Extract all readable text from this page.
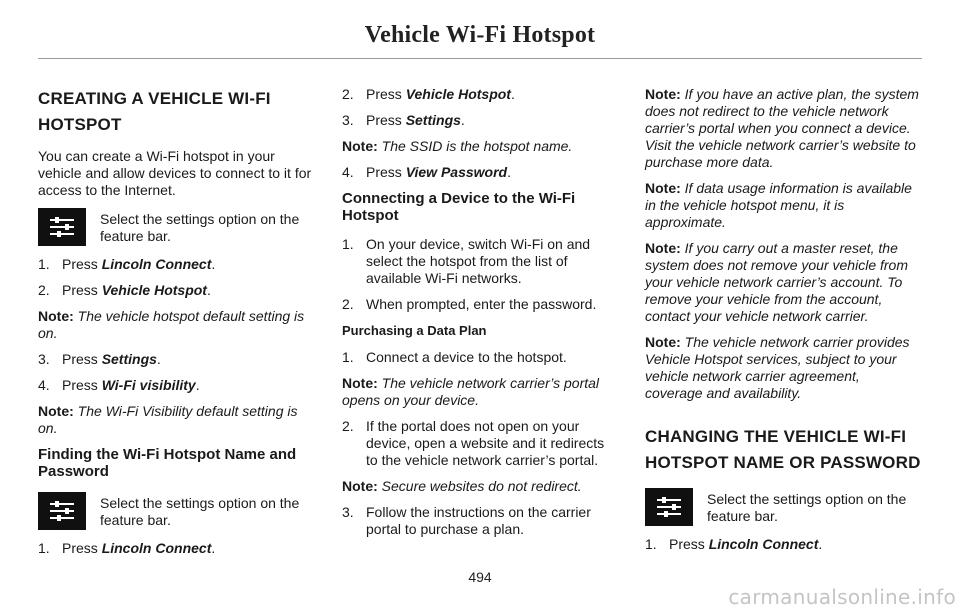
Vehicle Wi-Fi Hotspot
CREATING A VEHICLE WI-FI
HOTSPOT

You can create a Wi-Fi hotspot in your vehicle and allow devices to connect to it for access to the Internet.

Select the settings option on the feature bar.
1. Press Lincoln Connect.
2. Press Vehicle Hotspot.

Note: The vehicle hotspot default setting is on.

3. Press Settings.
4. Press Wi-Fi visibility.

Note: The Wi-Fi Visibility default setting is on.

Finding the Wi-Fi Hotspot Name and Password
Select the settings option on the feature bar.
1. Press Lincoln Connect.
2. Press Vehicle Hotspot.
3. Press Settings.

Note: The SSID is the hotspot name.

4. Press View Password.
Connecting a Device to the Wi-Fi Hotspot
1. On your device, switch Wi-Fi on and select the hotspot from the list of available Wi-Fi networks.
2. When prompted, enter the password.
Purchasing a Data Plan
1. Connect a device to the hotspot.

Note: The vehicle network carrier’s portal opens on your device.

2. If the portal does not open on your device, open a website and it redirects to the vehicle network carrier’s portal.

Note: Secure websites do not redirect.

3. Follow the instructions on the carrier portal to purchase a plan.

Note: If you have an active plan, the system does not redirect to the vehicle network carrier’s portal when you connect a device. Visit the vehicle network carrier’s website to purchase more data.

Note: If data usage information is available in the vehicle hotspot menu, it is approximate.

Note: If you carry out a master reset, the system does not remove your vehicle from your vehicle network carrier’s account. To remove your vehicle from the account, contact your vehicle network carrier.

Note: The vehicle network carrier provides Vehicle Hotspot services, subject to your vehicle network carrier agreement, coverage and availability.

CHANGING THE VEHICLE WI-FI
HOTSPOT NAME OR PASSWORD
Select the settings option on the feature bar.
1. Press Lincoln Connect.
494
carmanualsonline.info
